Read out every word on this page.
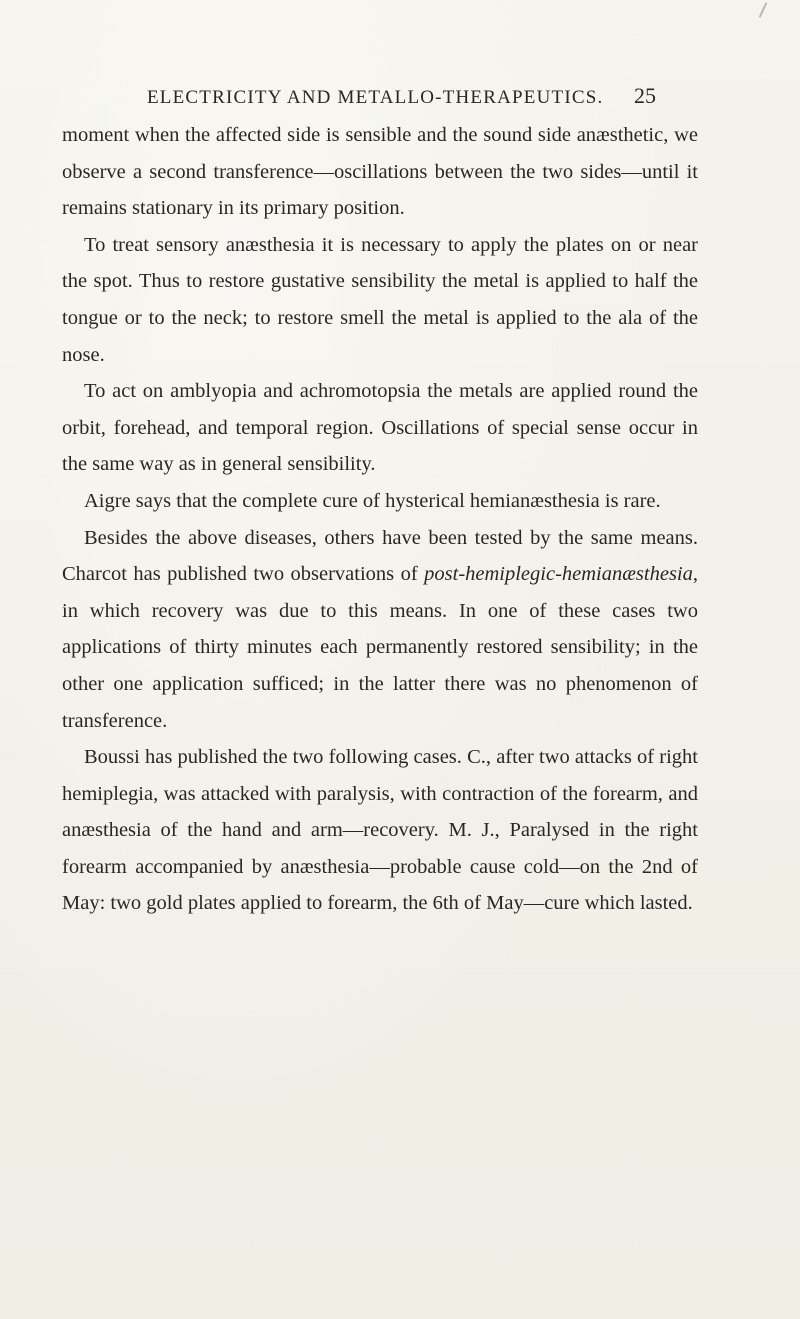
ELECTRICITY AND METALLO-THERAPEUTICS. 25

moment when the affected side is sensible and the sound side anæsthetic, we observe a second transference—oscillations between the two sides—until it remains stationary in its primary position.

To treat sensory anæsthesia it is necessary to apply the plates on or near the spot. Thus to restore gustative sensibility the metal is applied to half the tongue or to the neck; to restore smell the metal is applied to the ala of the nose.

To act on amblyopia and achromotopsia the metals are applied round the orbit, forehead, and temporal region. Oscillations of special sense occur in the same way as in general sensibility.

Aigre says that the complete cure of hysterical hemianæsthesia is rare.

Besides the above diseases, others have been tested by the same means. Charcot has published two observations of post-hemiplegic-hemianæsthesia, in which recovery was due to this means. In one of these cases two applications of thirty minutes each permanently restored sensibility; in the other one application sufficed; in the latter there was no phenomenon of transference.

Boussi has published the two following cases. C., after two attacks of right hemiplegia, was attacked with paralysis, with contraction of the forearm, and anæsthesia of the hand and arm—recovery. M. J., Paralysed in the right forearm accompanied by anæsthesia—probable cause cold—on the 2nd of May: two gold plates applied to forearm, the 6th of May—cure which lasted.
